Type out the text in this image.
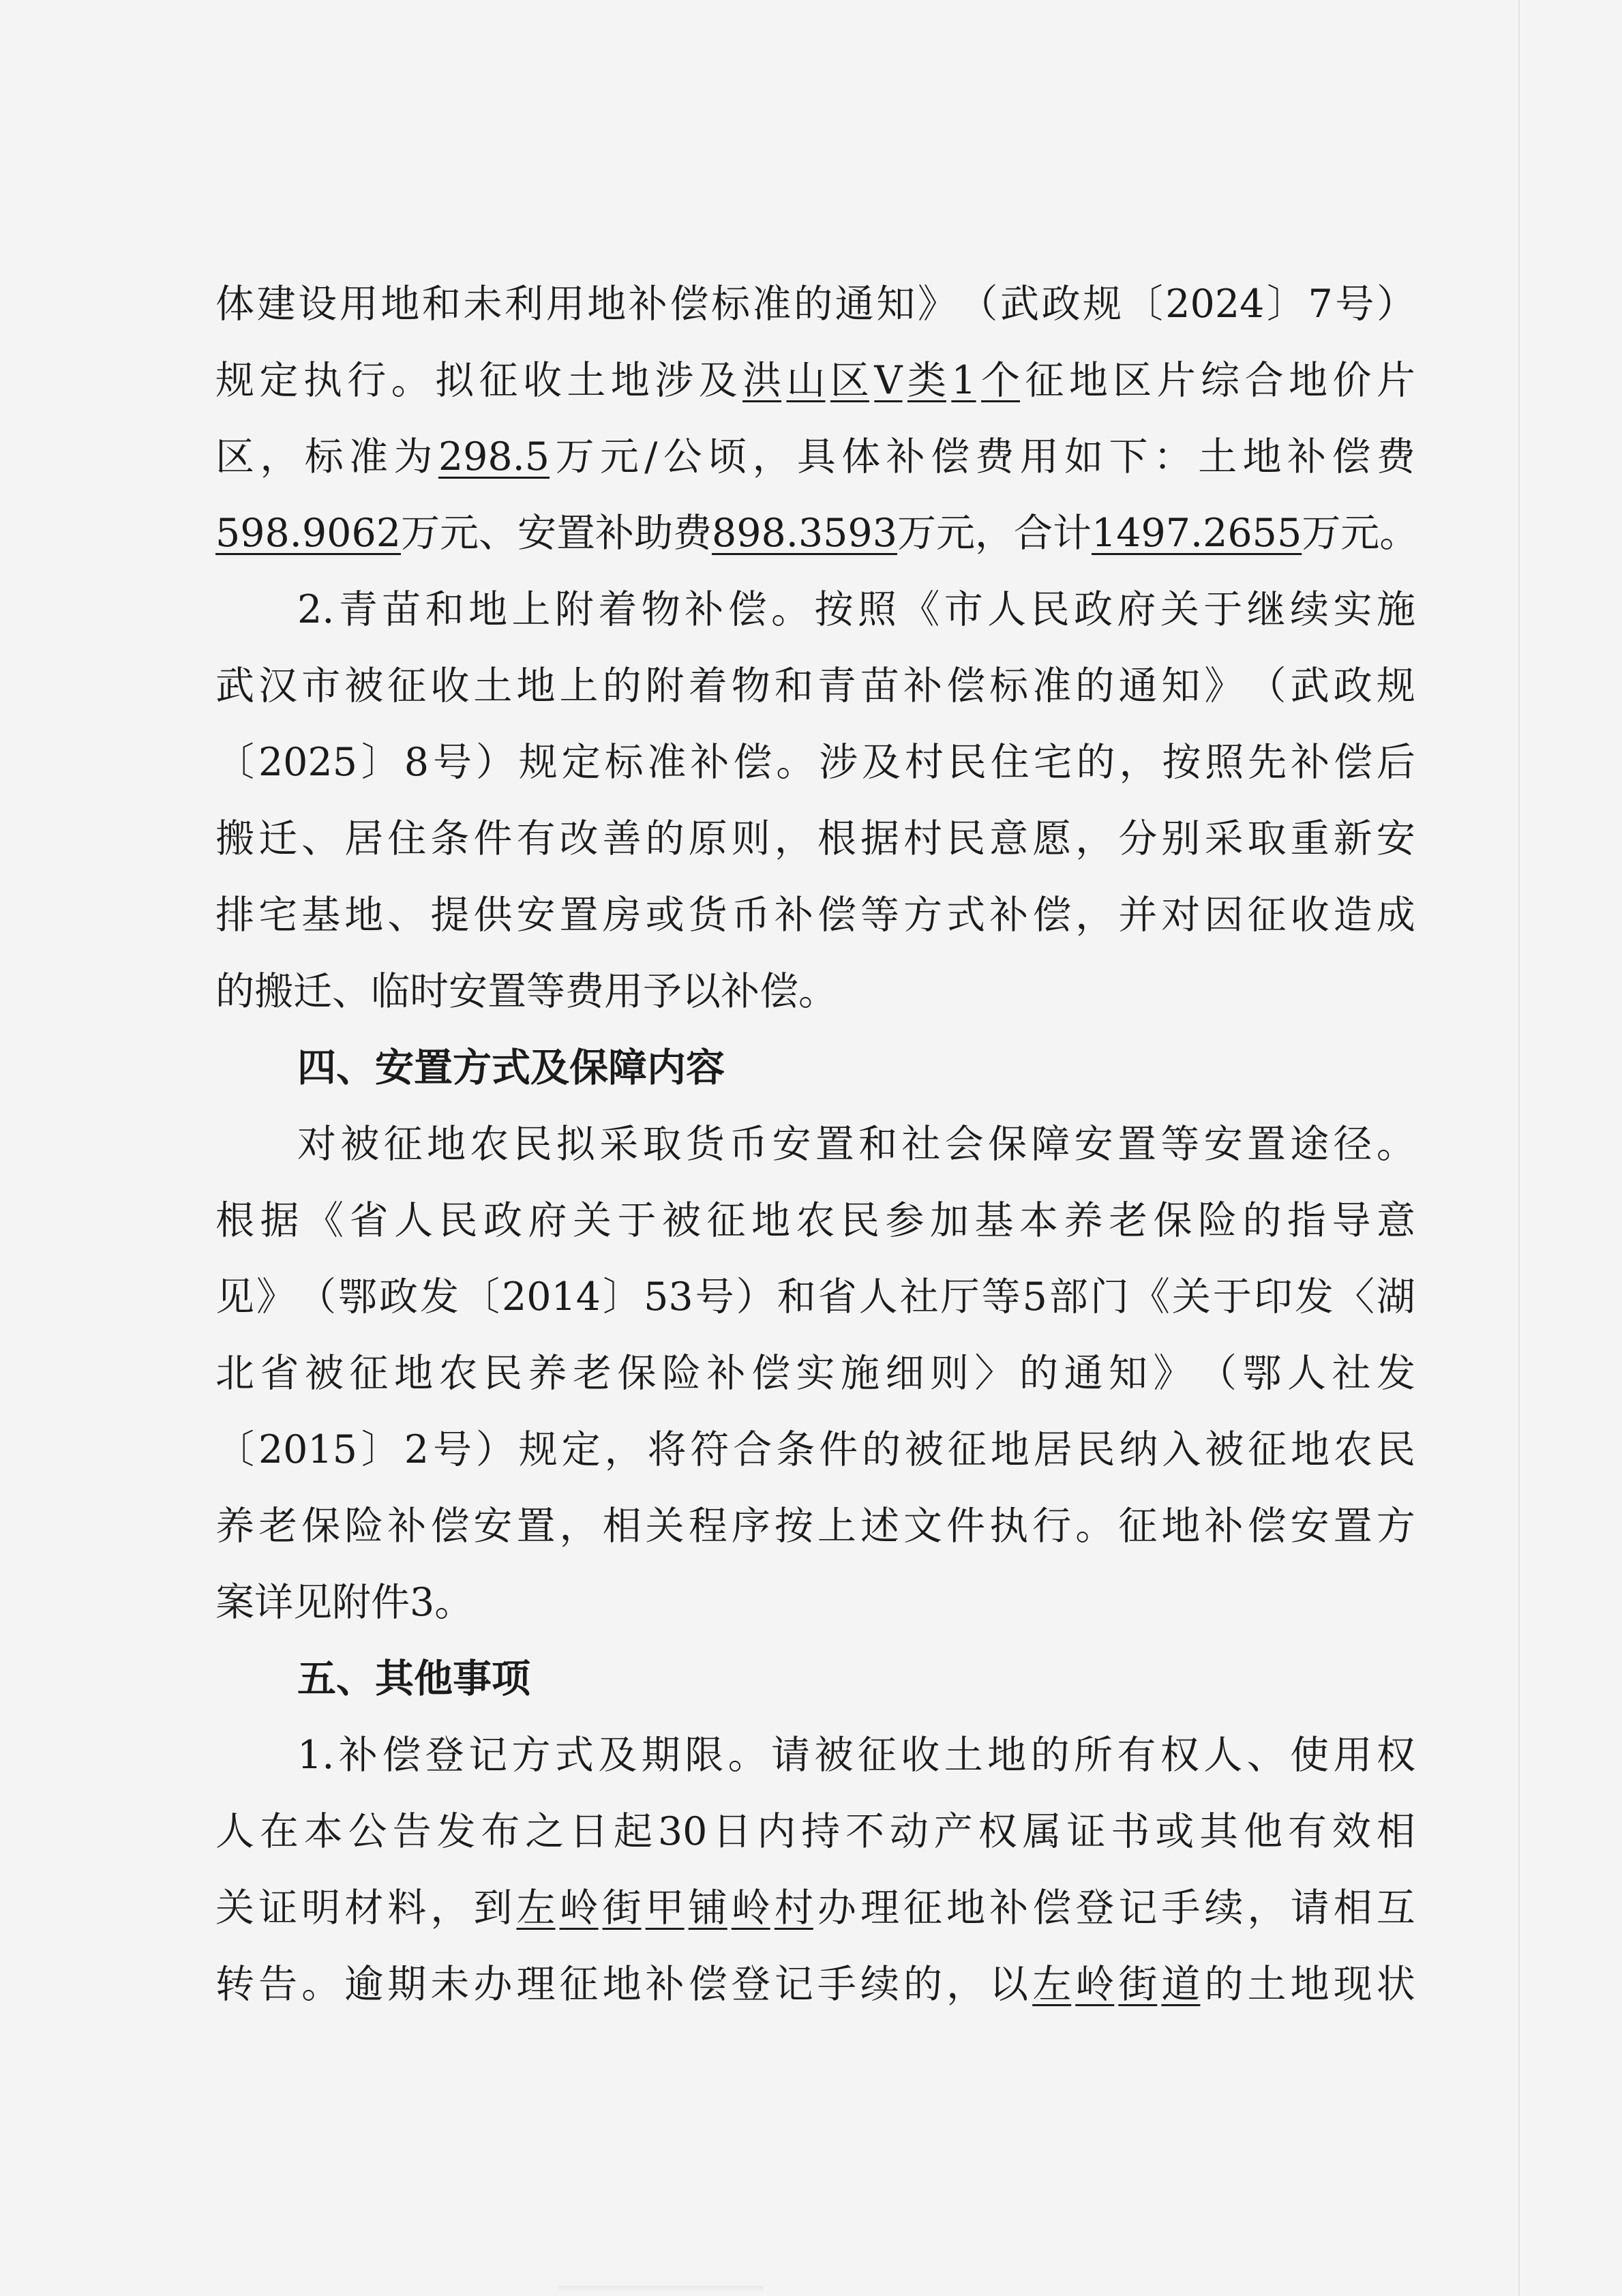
体 建 设 用 地 和 未 利 用 地 补 偿 标 准 的 通 知 》 （ 武 政 规 〔 2024 〕 7 号 ）
规 定 执 行 。 拟 征 收 土 地 涉 及 洪 山 区 Ⅴ 类 1 个 征 地 区 片 综 合 地 价 片
区 ， 标 准 为 298.5 万 元 / 公 顷 ， 具 体 补 偿 费 用 如 下 ： 土 地 补 偿 费
598.9062 万 元 、 安 置 补 助 费 898.3593 万 元 ， 合 计 1497.2655 万 元 。
2. 青 苗 和 地 上 附 着 物 补 偿 。 按 照 《 市 人 民 政 府 关 于 继 续 实 施
武 汉 市 被 征 收 土 地 上 的 附 着 物 和 青 苗 补 偿 标 准 的 通 知 》 （ 武 政 规
〔 2025 〕 8 号 ） 规 定 标 准 补 偿 。 涉 及 村 民 住 宅 的 ， 按 照 先 补 偿 后
搬 迁 、 居 住 条 件 有 改 善 的 原 则 ， 根 据 村 民 意 愿 ， 分 别 采 取 重 新 安
排 宅 基 地 、 提 供 安 置 房 或 货 币 补 偿 等 方 式 补 偿 ， 并 对 因 征 收 造 成
的搬迁、临时安置等费用予以补偿。
四、安置方式及保障内容
对 被 征 地 农 民 拟 采 取 货 币 安 置 和 社 会 保 障 安 置 等 安 置 途 径 。
根 据 《 省 人 民 政 府 关 于 被 征 地 农 民 参 加 基 本 养 老 保 险 的 指 导 意
见 》 （ 鄂 政 发 〔 2014 〕 53 号 ） 和 省 人 社 厅 等 5 部 门 《 关 于 印 发 〈 湖
北 省 被 征 地 农 民 养 老 保 险 补 偿 实 施 细 则 〉 的 通 知 》 （ 鄂 人 社 发
〔 2015 〕 2 号 ） 规 定 ， 将 符 合 条 件 的 被 征 地 居 民 纳 入 被 征 地 农 民
养 老 保 险 补 偿 安 置 ， 相 关 程 序 按 上 述 文 件 执 行 。 征 地 补 偿 安 置 方
案详见附件3。
五、其他事项
1. 补 偿 登 记 方 式 及 期 限 。 请 被 征 收 土 地 的 所 有 权 人 、 使 用 权
人 在 本 公 告 发 布 之 日 起 30 日 内 持 不 动 产 权 属 证 书 或 其 他 有 效 相
关 证 明 材 料 ， 到 左 岭 街 甲 铺 岭 村 办 理 征 地 补 偿 登 记 手 续 ， 请 相 互
转 告 。 逾 期 未 办 理 征 地 补 偿 登 记 手 续 的 ， 以 左 岭 街 道 的 土 地 现 状
